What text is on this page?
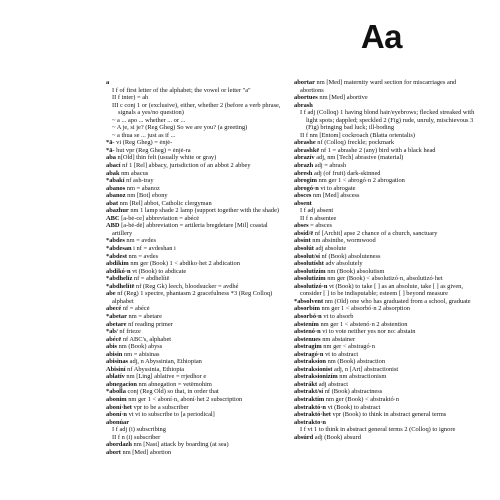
Aa

a

I f of first letter of the alphabet; the vowel or letter "a"

II f inter) = ah

III c conj 1 or (exclusive), either, whether 2 (before a verb phrase, signals a yes/no question)

~ a ... apo ... whether ... or ...

~ A je, si je? (Reg Gheg) So we are you? (a greeting)

~ a thua se ... just as if ...

*ā- vi (Reg Gheg) = ėnjė-

*ā- hut vpr (Reg Gheg) = ėnjė-ra

aba n[Old] thin felt (usually white or gray)

abací nf 1 [Rel] abbacy, jurisdiction of an abbot 2 abbey

abak nm abacus

*abakí nf ash-tray

abanos nm = abanoz

abanoz nm [Bot] ebony

abat nm [Rel] abbot, Catholic clergyman

abazhur nm 1 lamp shade 2 lamp (support together with the shade)

ABC [a-bė-ce] abbreviation = abécė

ABD [a-bė-dė] abbreviation = artileria bregdetare [Mil] coastal artillery

*abdes nm = avdes

*abdesan i nf = avdeshan i

*abdest nm = avdes

abdikim nm ger (Book) 1 < abdiko·het 2 abdication

abdikó·n vt (Book) to abdicate

*abdhelíz nf = abdhelítë

*abdhelítë nf (Reg Gk) leech, bloodsucker = avdhé

abe nf (Reg) 1 spectre, phantasm 2 gracefulness *3 (Reg Colloq) alphabet

abecé nf = abécė

*abetar nm = abetare

abetare nf reading primer

*ab/ nf frieze

abécë nf ABC's, alphabet

abis nm (Book) abyss

abisin nm = abisinas

abisinas adj, n Abyssinian, Ethiopian

Abisiní nf Abyssinia, Ethiopia

ablatív nm [Ling] ablative = rrjedhor e

abnegacion nm abnegation = vetëmohim

*abolla conj (Reg Old) so that, in order that

abonim nm ger 1 < aboní·n, aboní·het 2 subscription

aboní·het vpr to be a subscriber

aboní·n vt vt to subscribe to [a periodical]

abonúar

I f adj (i) subscribing

II f n (i) subscriber

abordazh nm [Nast] attack by boarding (at sea)

abort nm [Med] abortion

abortar nm [Med] maternity ward section for miscarriages and abortions

abortues nm [Med] abortive

abrash

I f adj (Colloq) 1 having blond hair/eyebrows; flecked streaked with light spots; dappled; speckled 2 (Fig) rude, unruly, mischievous 3 (Fig) bringing bad luck; ill-boding

II f nm [Entom] cockroach (Blatta orientalis)

abrashe nf (Colloq) freckle; pockmark

abrashkë nf 1 = abrashe 2 (any) bird with a black head

abrazív adj, nm [Tech] abrasive (material)

abrazh adj = abrash

abresh adj (of fruit) dark-skinned

abrogim nm ger 1 < abrogó·n 2 abrogation

abrogó·n vt to abrogate

absces nm [Med] abscess

absent

I f adj absent

II f n absentee

abses = absces

absíd/ë nf [Archit] apse 2 chance of a church, sanctuary

absínt nm absinthe, wormwood

absolút adj absolute

absolut/sí nf (Book) absoluteness

absolutísht adv absolutely

absolutizím nm (Book) absolutism

absolutizím nm ger (Book) < absolutizó·n, absolutizó·het

absolutizó·n vt (Book) to take [ ] as an absolute, take [ ] as given, consider [ ] to be indisputable; esteem [ ] beyond measure

*absolvent nm (Old) one who has graduated from a school, graduate

absorbím nm ger 1 < absorbó·n 2 absorption

absorbó·n vt to absorb

abstením nm ger 1 < abstenó·n 2 abstention

abstenó·n vi to vote neither yes nor no: abstain

abstenues nm abstainer

abstragim nm ger < abstragó·n

abstragó·n vt to abstract

abstraksion nm (Book) abstraction

abstraksionist adj, n [Art] abstractionist

abstraksionizím nm abstractionism

abstrákt adj abstract

abstrakt/sí nf (Book) abstractness

abstraktím nm ger (Book) < abstraktó·n

abstraktó·n vt (Book) to abstract

abstraktó·het vpr (Book) to think in abstract general terms

abstrakto·n

I f vt 1 to think in abstract general terms 2 (Colloq) to ignore

absúrd adj (Book) absurd
